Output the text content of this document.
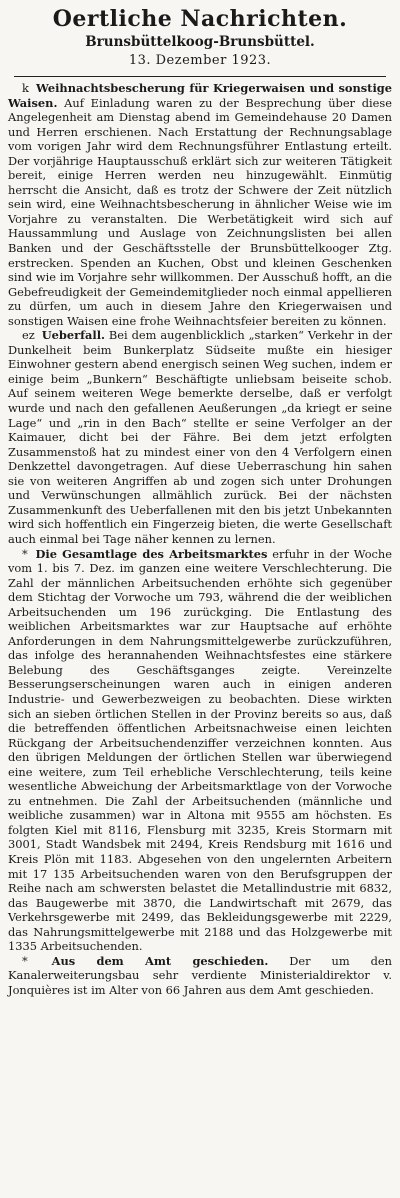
Oertliche Nachrichten.
Brunsbüttelkoog-Brunsbüttel.
13. Dezember 1923.

k Weihnachtsbescherung für Kriegerwaisen und sonstige Waisen. Auf Einladung waren zu der Besprechung über diese Angelegenheit am Dienstag abend im Gemeindehause 20 Damen und Herren erschienen. Nach Erstattung der Rechnungsablage vom vorigen Jahr wird dem Rechnungsführer Entlastung erteilt. Der vorjährige Hauptausschuß erklärt sich zur weiteren Tätigkeit bereit, einige Herren werden neu hinzugewählt. Einmütig herrscht die Ansicht, daß es trotz der Schwere der Zeit nützlich sein wird, eine Weihnachtsbescherung in ähnlicher Weise wie im Vorjahre zu veranstalten. Die Werbetätigkeit wird sich auf Haussammlung und Auslage von Zeichnungslisten bei allen Banken und der Geschäftsstelle der Brunsbüttelkooger Ztg. erstrecken. Spenden an Kuchen, Obst und kleinen Geschenken sind wie im Vorjahre sehr willkommen. Der Ausschuß hofft, an die Gebefreudigkeit der Gemeindemitglieder noch einmal appellieren zu dürfen, um auch in diesem Jahre den Kriegerwaisen und sonstigen Waisen eine frohe Weihnachtsfeier bereiten zu können.

ez Ueberfall. Bei dem augenblicklich „starken“ Verkehr in der Dunkelheit beim Bunkerplatz Südseite mußte ein hiesiger Einwohner gestern abend energisch seinen Weg suchen, indem er einige beim „Bunkern“ Beschäftigte unliebsam beiseite schob. Auf seinem weiteren Wege bemerkte derselbe, daß er verfolgt wurde und nach den gefallenen Aeußerungen „da kriegt er seine Lage“ und „rin in den Bach“ stellte er seine Verfolger an der Kaimauer, dicht bei der Fähre. Bei dem jetzt erfolgten Zusammenstoß hat zu mindest einer von den 4 Verfolgern einen Denkzettel davongetragen. Auf diese Ueberraschung hin sahen sie von weiteren Angriffen ab und zogen sich unter Drohungen und Verwünschungen allmählich zurück. Bei der nächsten Zusammenkunft des Ueberfallenen mit den bis jetzt Unbekannten wird sich hoffentlich ein Fingerzeig bieten, die werte Gesellschaft auch einmal bei Tage näher kennen zu lernen.

* Die Gesamtlage des Arbeitsmarktes erfuhr in der Woche vom 1. bis 7. Dez. im ganzen eine weitere Verschlechterung. Die Zahl der männlichen Arbeitsuchenden erhöhte sich gegenüber dem Stichtag der Vorwoche um 793, während die der weiblichen Arbeitsuchenden um 196 zurückging. Die Entlastung des weiblichen Arbeitsmarktes war zur Hauptsache auf erhöhte Anforderungen in dem Nahrungsmittelgewerbe zurückzuführen, das infolge des herannahenden Weihnachtsfestes eine stärkere Belebung des Geschäftsganges zeigte. Vereinzelte Besserungserscheinungen waren auch in einigen anderen Industrie- und Gewerbezweigen zu beobachten. Diese wirkten sich an sieben örtlichen Stellen in der Provinz bereits so aus, daß die betreffenden öffentlichen Arbeitsnachweise einen leichten Rückgang der Arbeitsuchendenziffer verzeichnen konnten. Aus den übrigen Meldungen der örtlichen Stellen war überwiegend eine weitere, zum Teil erhebliche Verschlechterung, teils keine wesentliche Abweichung der Arbeitsmarktlage von der Vorwoche zu entnehmen. Die Zahl der Arbeitsuchenden (männliche und weibliche zusammen) war in Altona mit 9555 am höchsten. Es folgten Kiel mit 8116, Flensburg mit 3235, Kreis Stormarn mit 3001, Stadt Wandsbek mit 2494, Kreis Rendsburg mit 1616 und Kreis Plön mit 1183. Abgesehen von den ungelernten Arbeitern mit 17 135 Arbeitsuchenden waren von den Berufsgruppen der Reihe nach am schwersten belastet die Metallindustrie mit 6832, das Baugewerbe mit 3870, die Landwirtschaft mit 2679, das Verkehrsgewerbe mit 2499, das Bekleidungsgewerbe mit 2229, das Nahrungsmittelgewerbe mit 2188 und das Holzgewerbe mit 1335 Arbeitsuchenden.

* Aus dem Amt geschieden. Der um den Kanalerweiterungsbau sehr verdiente Ministerialdirektor v. Jonquières ist im Alter von 66 Jahren aus dem Amt geschieden.
